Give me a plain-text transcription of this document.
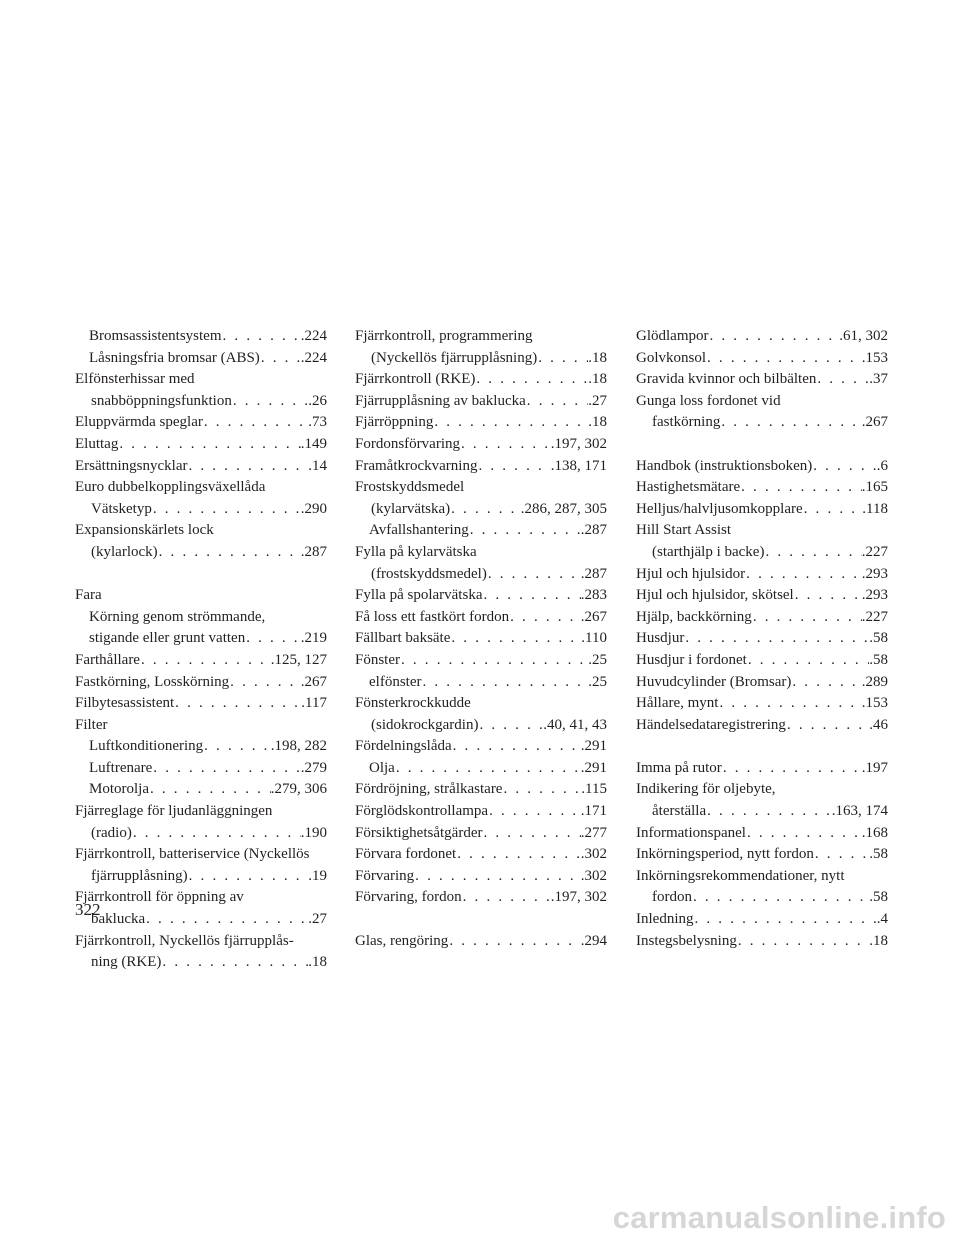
Bromsassistentsystem . . .	.224
Låsningsfria bromsar (ABS) . . .	.224
Elfönsterhissar med
snabböppningsfunktion . . .	.26
Eluppvärmda speglar . . .	.73
Eluttag . . .	.149
Ersättningsnycklar . . .	.14
Euro dubbelkopplingsväxellåda
Vätsketyp . . .	.290
Expansionskärlets lock
(kylarlock) . . .	.287
Fara
Körning genom strömmande,
stigande eller grunt vatten . . .	.219
Farthållare . . .	.125, 127
Fastkörning, Losskörning . . .	.267
Filbytesassistent . . .	.117
Filter
Luftkonditionering . . .	.198, 282
Luftrenare . . .	.279
Motorolja . . .	.279, 306
Fjärreglage för ljudanläggningen
(radio) . . .	.190
Fjärrkontroll, batteriservice (Nyckellös
fjärrupplåsning) . . .	.19
Fjärrkontroll för öppning av
baklucka . . .	.27
Fjärrkontroll, Nyckellös fjärrupplås-
ning (RKE) . . .	.18
Fjärrkontroll, programmering
(Nyckellös fjärrupplåsning) . . .	.18
Fjärrkontroll (RKE) . . .	.18
Fjärrupplåsning av baklucka . . .	.27
Fjärröppning . . .	.18
Fordonsförvaring . . .	.197, 302
Framåtkrockvarning . . .	.138, 171
Frostskyddsmedel
(kylarvätska) . . .	.286, 287, 305
Avfallshantering . . .	.287
Fylla på kylarvätska
(frostskyddsmedel) . . .	.287
Fylla på spolarvätska . . .	.283
Få loss ett fastkört fordon . . .	.267
Fällbart baksäte . . .	.110
Fönster . . .	.25
elfönster . . .	.25
Fönsterkrockkudde
(sidokrockgardin) . . .	.40, 41, 43
Fördelningslåda . . .	.291
Olja . . .	.291
Fördröjning, strålkastare . . .	.115
Förglödskontrollampa . . .	.171
Försiktighetsåtgärder . . .	.277
Förvara fordonet . . .	.302
Förvaring . . .	.302
Förvaring, fordon . . .	.197, 302
Glas, rengöring . . .	.294
Glödlampor . . .	.61, 302
Golvkonsol . . .	.153
Gravida kvinnor och bilbälten . . .	.37
Gunga loss fordonet vid
fastkörning . . .	.267
Handbok (instruktionsboken) . . .	.6
Hastighetsmätare . . .	.165
Helljus/halvljusomkopplare . . .	.118
Hill Start Assist
(starthjälp i backe) . . .	.227
Hjul och hjulsidor . . .	.293
Hjul och hjulsidor, skötsel . . .	.293
Hjälp, backkörning . . .	.227
Husdjur . . .	.58
Husdjur i fordonet . . .	.58
Huvudcylinder (Bromsar) . . .	.289
Hållare, mynt . . .	.153
Händelsedataregistrering . . .	.46
Imma på rutor . . .	.197
Indikering för oljebyte,
återställa . . .	.163, 174
Informationspanel . . .	.168
Inkörningsperiod, nytt fordon . . .	.58
Inkörningsrekommendationer, nytt
fordon . . .	.58
Inledning . . .	.4
Instegsbelysning . . .	.18
322
carmanualsonline.info
